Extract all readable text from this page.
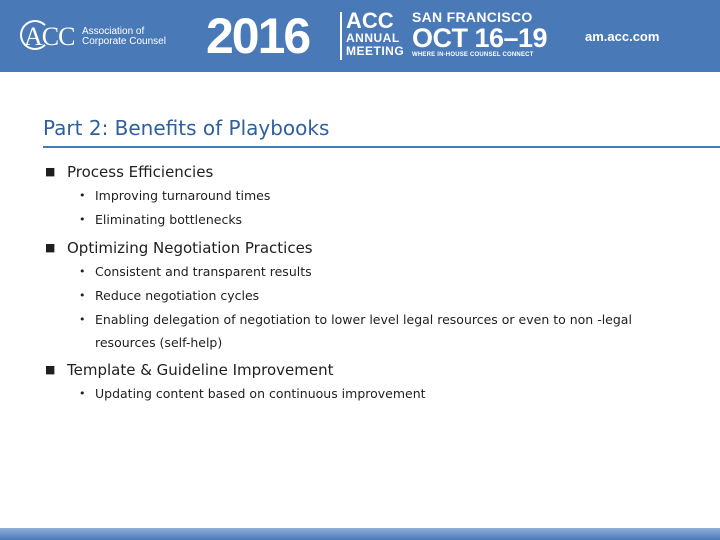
ACC Association of
Corporate Counsel 2016 ACC
ANNUAL
MEETING
SAN FRANCISCO
OCT 16–19
WHERE IN-HOUSE COUNSEL CONNECT
am.acc.com
Part 2: Benefits of Playbooks
■ Process Efficiencies
• Improving turnaround times
• Eliminating bottlenecks
■ Optimizing Negotiation Practices
• Consistent and transparent results
• Reduce negotiation cycles
• Enabling delegation of negotiation to lower level legal resources or even to non -legal resources (self-help)
■ Template & Guideline Improvement
• Updating content based on continuous improvement
